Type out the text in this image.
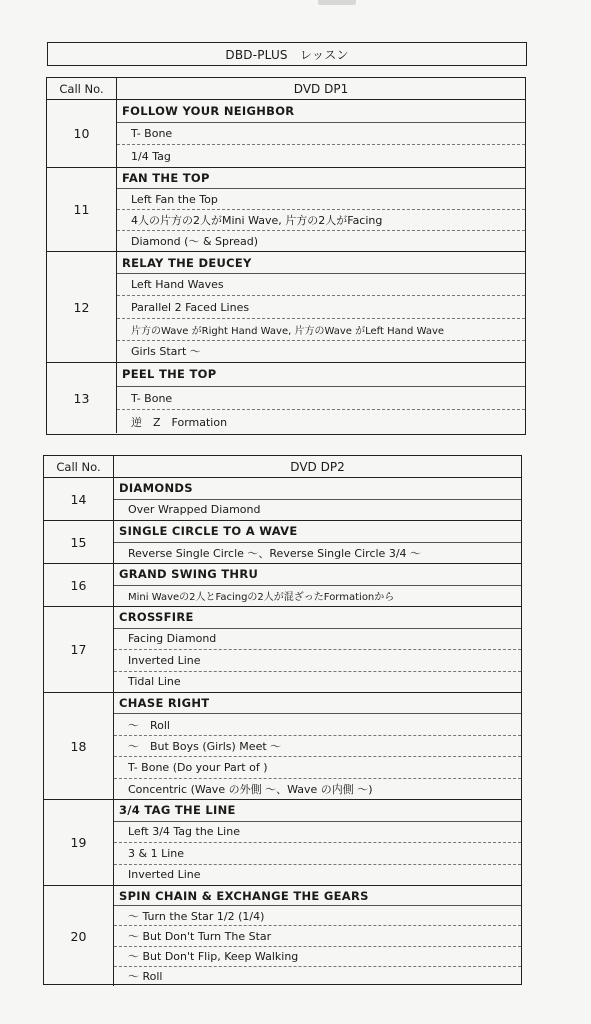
DBD-PLUS　レッスン
Call No.	DVD DP1
10
FOLLOW YOUR NEIGHBOR
T- Bone
1/4 Tag
11
FAN THE TOP
Left Fan the Top
4人の片方の2人がMini Wave, 片方の2人がFacing
Diamond (～ & Spread)
12
RELAY THE DEUCEY
Left Hand Waves
Parallel 2 Faced Lines
片方のWave がRight Hand Wave, 片方のWave がLeft Hand Wave
Girls Start ～
13
PEEL THE TOP
T- Bone
逆　Z　Formation
Call No.	DVD DP2
14
DIAMONDS
Over Wrapped Diamond
15
SINGLE CIRCLE TO A WAVE
Reverse Single Circle ～、Reverse Single Circle 3/4 ～
16
GRAND SWING THRU
Mini Waveの2人とFacingの2人が混ざったFormationから
17
CROSSFIRE
Facing Diamond
Inverted Line
Tidal Line
18
CHASE RIGHT
～　Roll
～　But Boys (Girls) Meet ～
T- Bone (Do your Part of )
Concentric (Wave の外側 ～、Wave の内側 ～)
19
3/4 TAG THE LINE
Left 3/4 Tag the Line
3 & 1 Line
Inverted Line
20
SPIN CHAIN & EXCHANGE THE GEARS
～ Turn the Star 1/2 (1/4)
～ But Don't Turn The Star
～ But Don't Flip, Keep Walking
～ Roll
